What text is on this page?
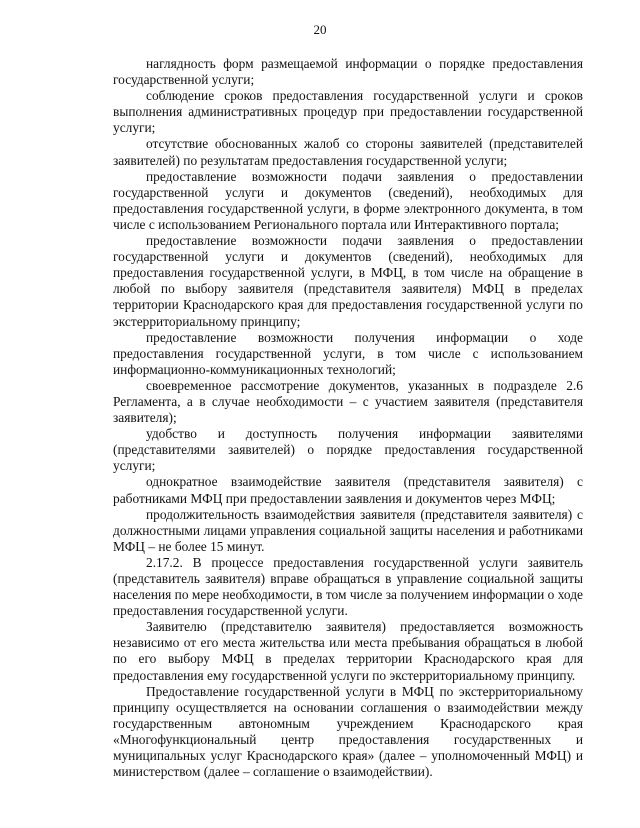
20

наглядность форм размещаемой информации о порядке предоставления государственной услуги;

соблюдение сроков предоставления государственной услуги и сроков выполнения административных процедур при предоставлении государственной услуги;

отсутствие обоснованных жалоб со стороны заявителей (представителей заявителей) по результатам предоставления государственной услуги;

предоставление возможности подачи заявления о предоставлении государственной услуги и документов (сведений), необходимых для предоставления государственной услуги, в форме электронного документа, в том числе с использованием Регионального портала или Интерактивного портала;

предоставление возможности подачи заявления о предоставлении государственной услуги и документов (сведений), необходимых для предоставления государственной услуги, в МФЦ, в том числе на обращение в любой по выбору заявителя (представителя заявителя) МФЦ в пределах территории Краснодарского края для предоставления государственной услуги по экстерриториальному принципу;

предоставление возможности получения информации о ходе предоставления государственной услуги, в том числе с использованием информационно-коммуникационных технологий;

своевременное рассмотрение документов, указанных в подразделе 2.6 Регламента, а в случае необходимости – с участием заявителя (представителя заявителя);

удобство и доступность получения информации заявителями (представителями заявителей) о порядке предоставления государственной услуги;

однократное взаимодействие заявителя (представителя заявителя) с работниками МФЦ при предоставлении заявления и документов через МФЦ;

продолжительность взаимодействия заявителя (представителя заявителя) с должностными лицами управления социальной защиты населения и работниками МФЦ – не более 15 минут.

2.17.2. В процессе предоставления государственной услуги заявитель (представитель заявителя) вправе обращаться в управление социальной защиты населения по мере необходимости, в том числе за получением информации о ходе предоставления государственной услуги.

Заявителю (представителю заявителя) предоставляется возможность независимо от его места жительства или места пребывания обращаться в любой по его выбору МФЦ в пределах территории Краснодарского края для предоставления ему государственной услуги по экстерриториальному принципу.

Предоставление государственной услуги в МФЦ по экстерриториальному принципу осуществляется на основании соглашения о взаимодействии между государственным автономным учреждением Краснодарского края «Многофункциональный центр предоставления государственных и муниципальных услуг Краснодарского края» (далее – уполномоченный МФЦ) и министерством (далее – соглашение о взаимодействии).
